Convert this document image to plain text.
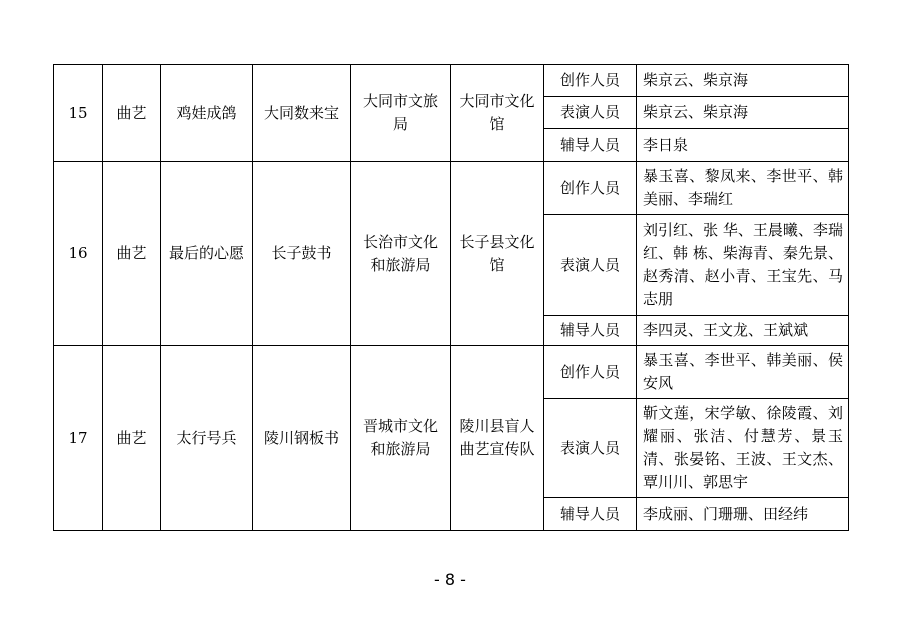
15	曲艺	鸡娃成鸽	大同数来宝	大同市文旅局	大同市文化馆	创作人员	柴京云、柴京海
						表演人员	柴京云、柴京海
						辅导人员	李日泉
16	曲艺	最后的心愿	长子鼓书	长治市文化和旅游局	长子县文化馆	创作人员	暴玉喜、黎凤来、李世平、韩美丽、李瑞红
						表演人员	刘引红、张 华、王晨曦、李瑞红、韩 栋、柴海青、秦先景、赵秀清、赵小青、王宝先、马志朋
						辅导人员	李四灵、王文龙、王斌斌
17	曲艺	太行号兵	陵川钢板书	晋城市文化和旅游局	陵川县盲人曲艺宣传队	创作人员	暴玉喜、李世平、韩美丽、侯安风
						表演人员	靳文莲，宋学敏、徐陵霞、刘耀丽、张洁、付慧芳、景玉清、张晏铭、王波、王文杰、覃川川、郭思宇
						辅导人员	李成丽、门珊珊、田经纬
- 8 -
